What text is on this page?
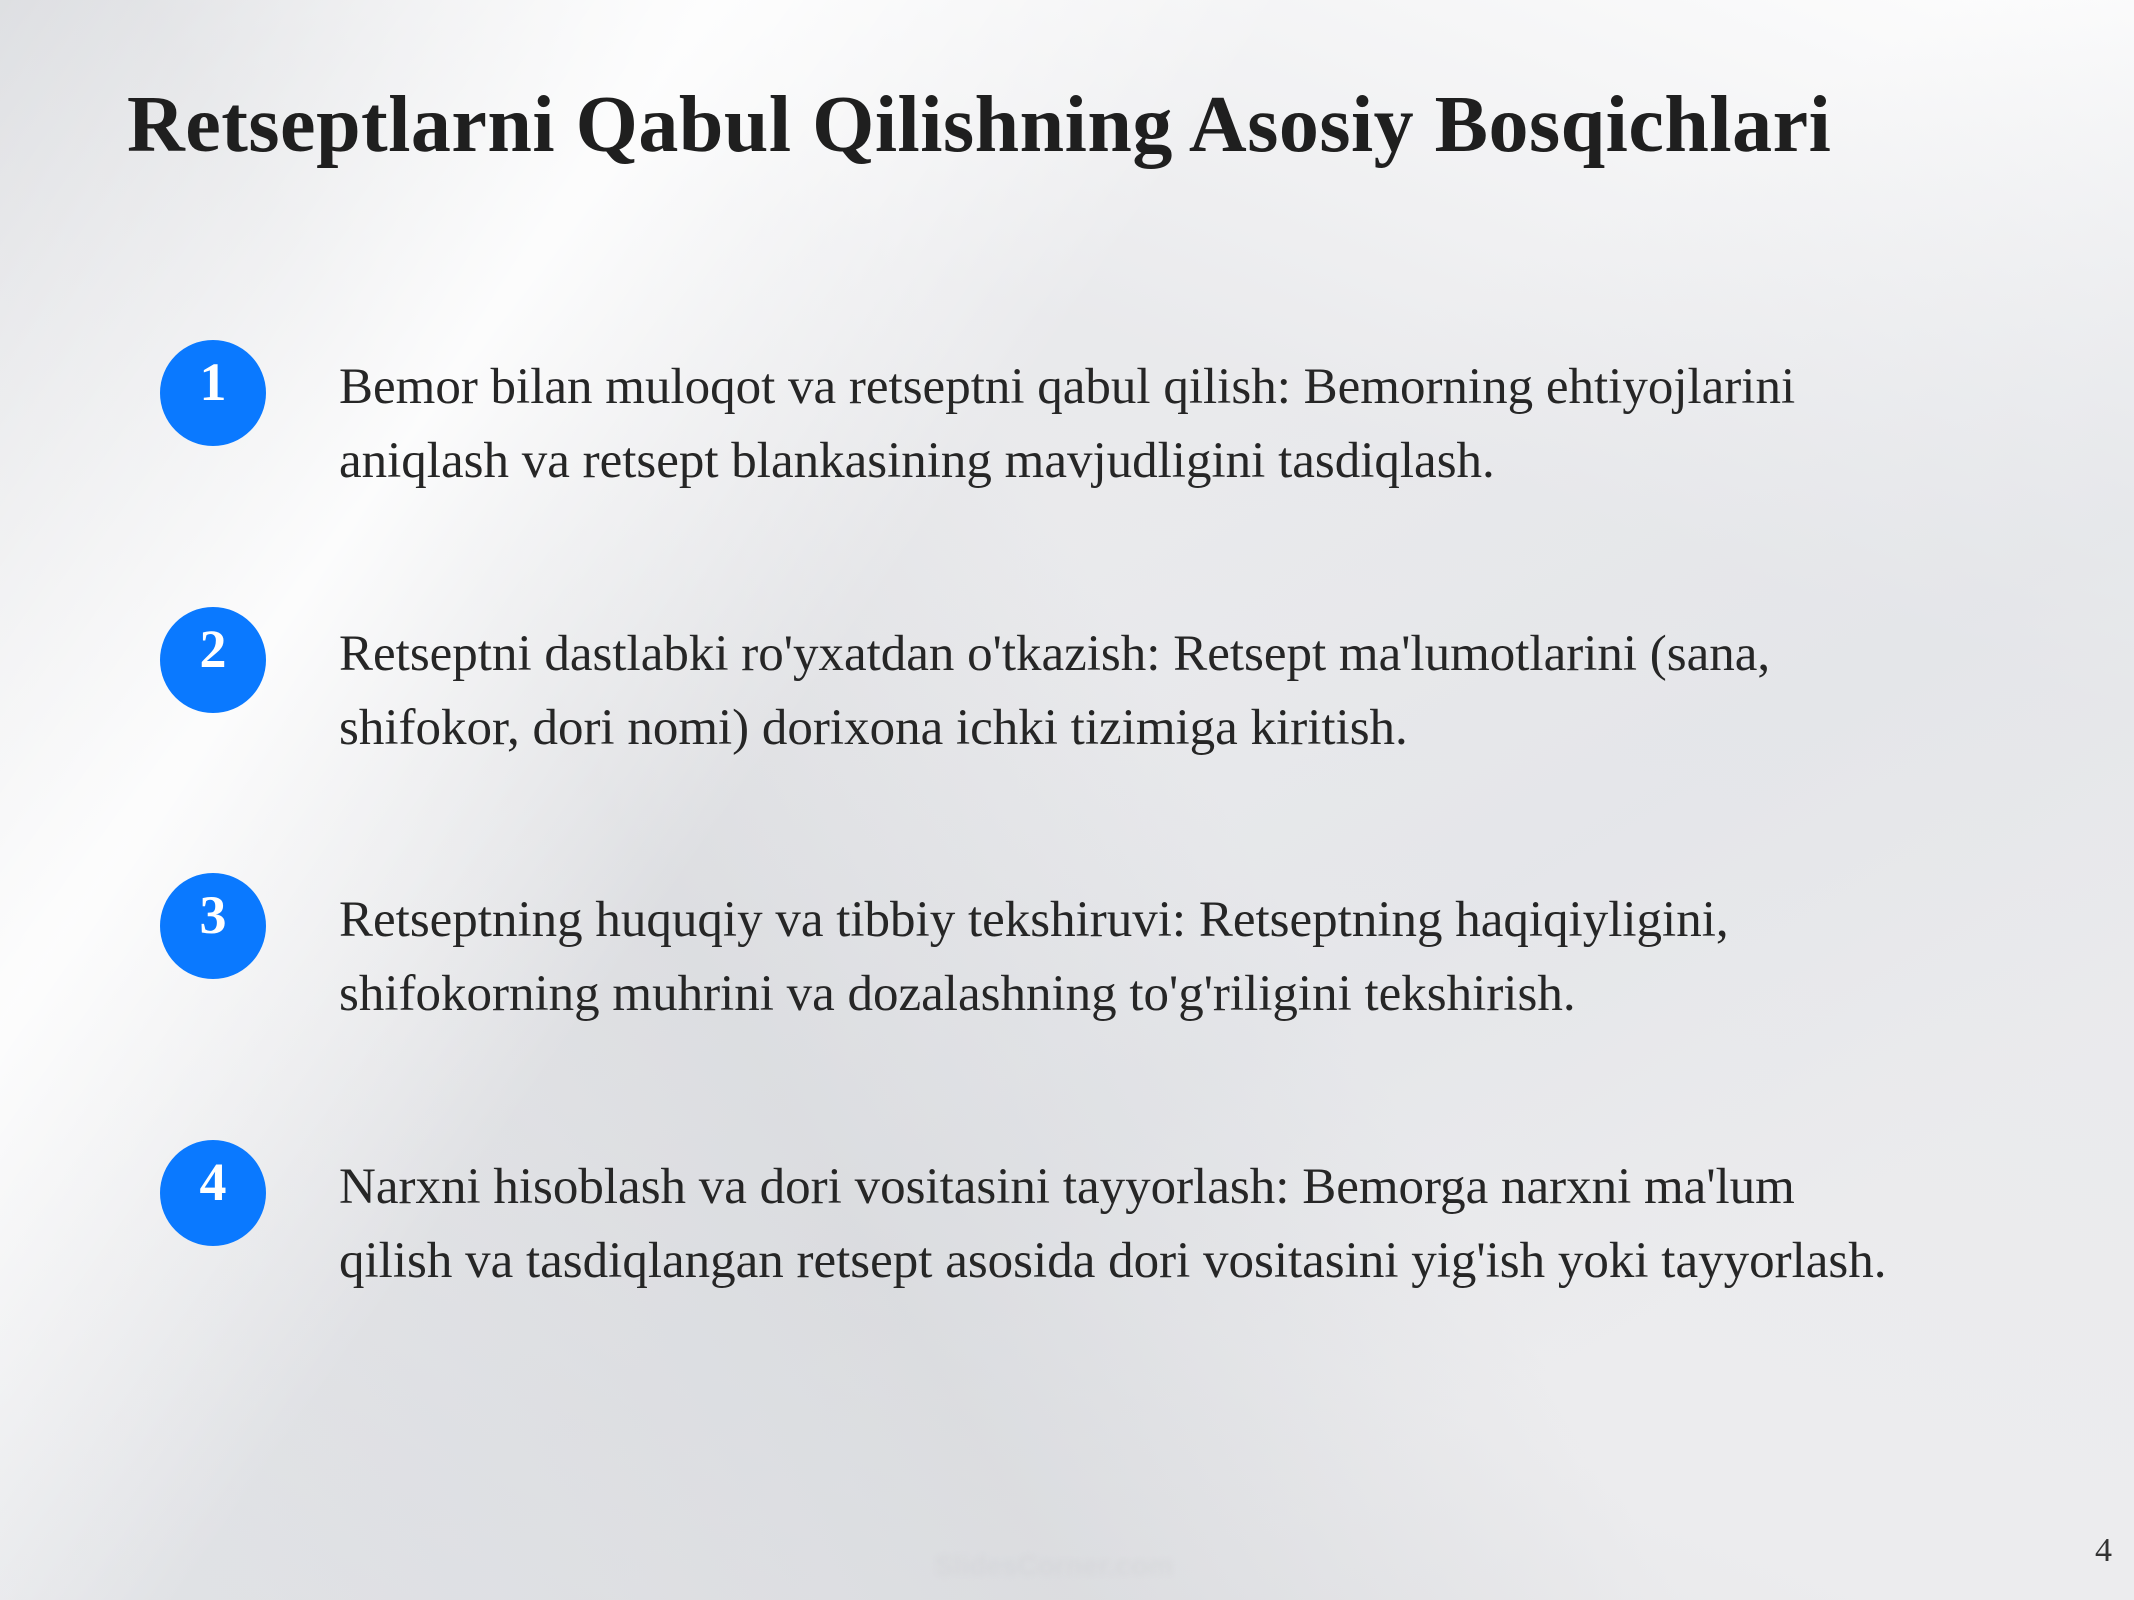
Retseptlarni Qabul Qilishning Asosiy Bosqichlari
1	Bemor bilan muloqot va retseptni qabul qilish: Bemorning ehtiyojlarini aniqlash va retsept blankasining mavjudligini tasdiqlash.

2	Retseptni dastlabki ro'yxatdan o'tkazish: Retsept ma'lumotlarini (sana, shifokor, dori nomi) dorixona ichki tizimiga kiritish.

3	Retseptning huquqiy va tibbiy tekshiruvi: Retseptning haqiqiyligini, shifokorning muhrini va dozalashning to'g'riligini tekshirish.

4	Narxni hisoblash va dori vositasini tayyorlash: Bemorga narxni ma'lum qilish va tasdiqlangan retsept asosida dori vositasini yig'ish yoki tayyorlash.

SlidesCorner.com	4
